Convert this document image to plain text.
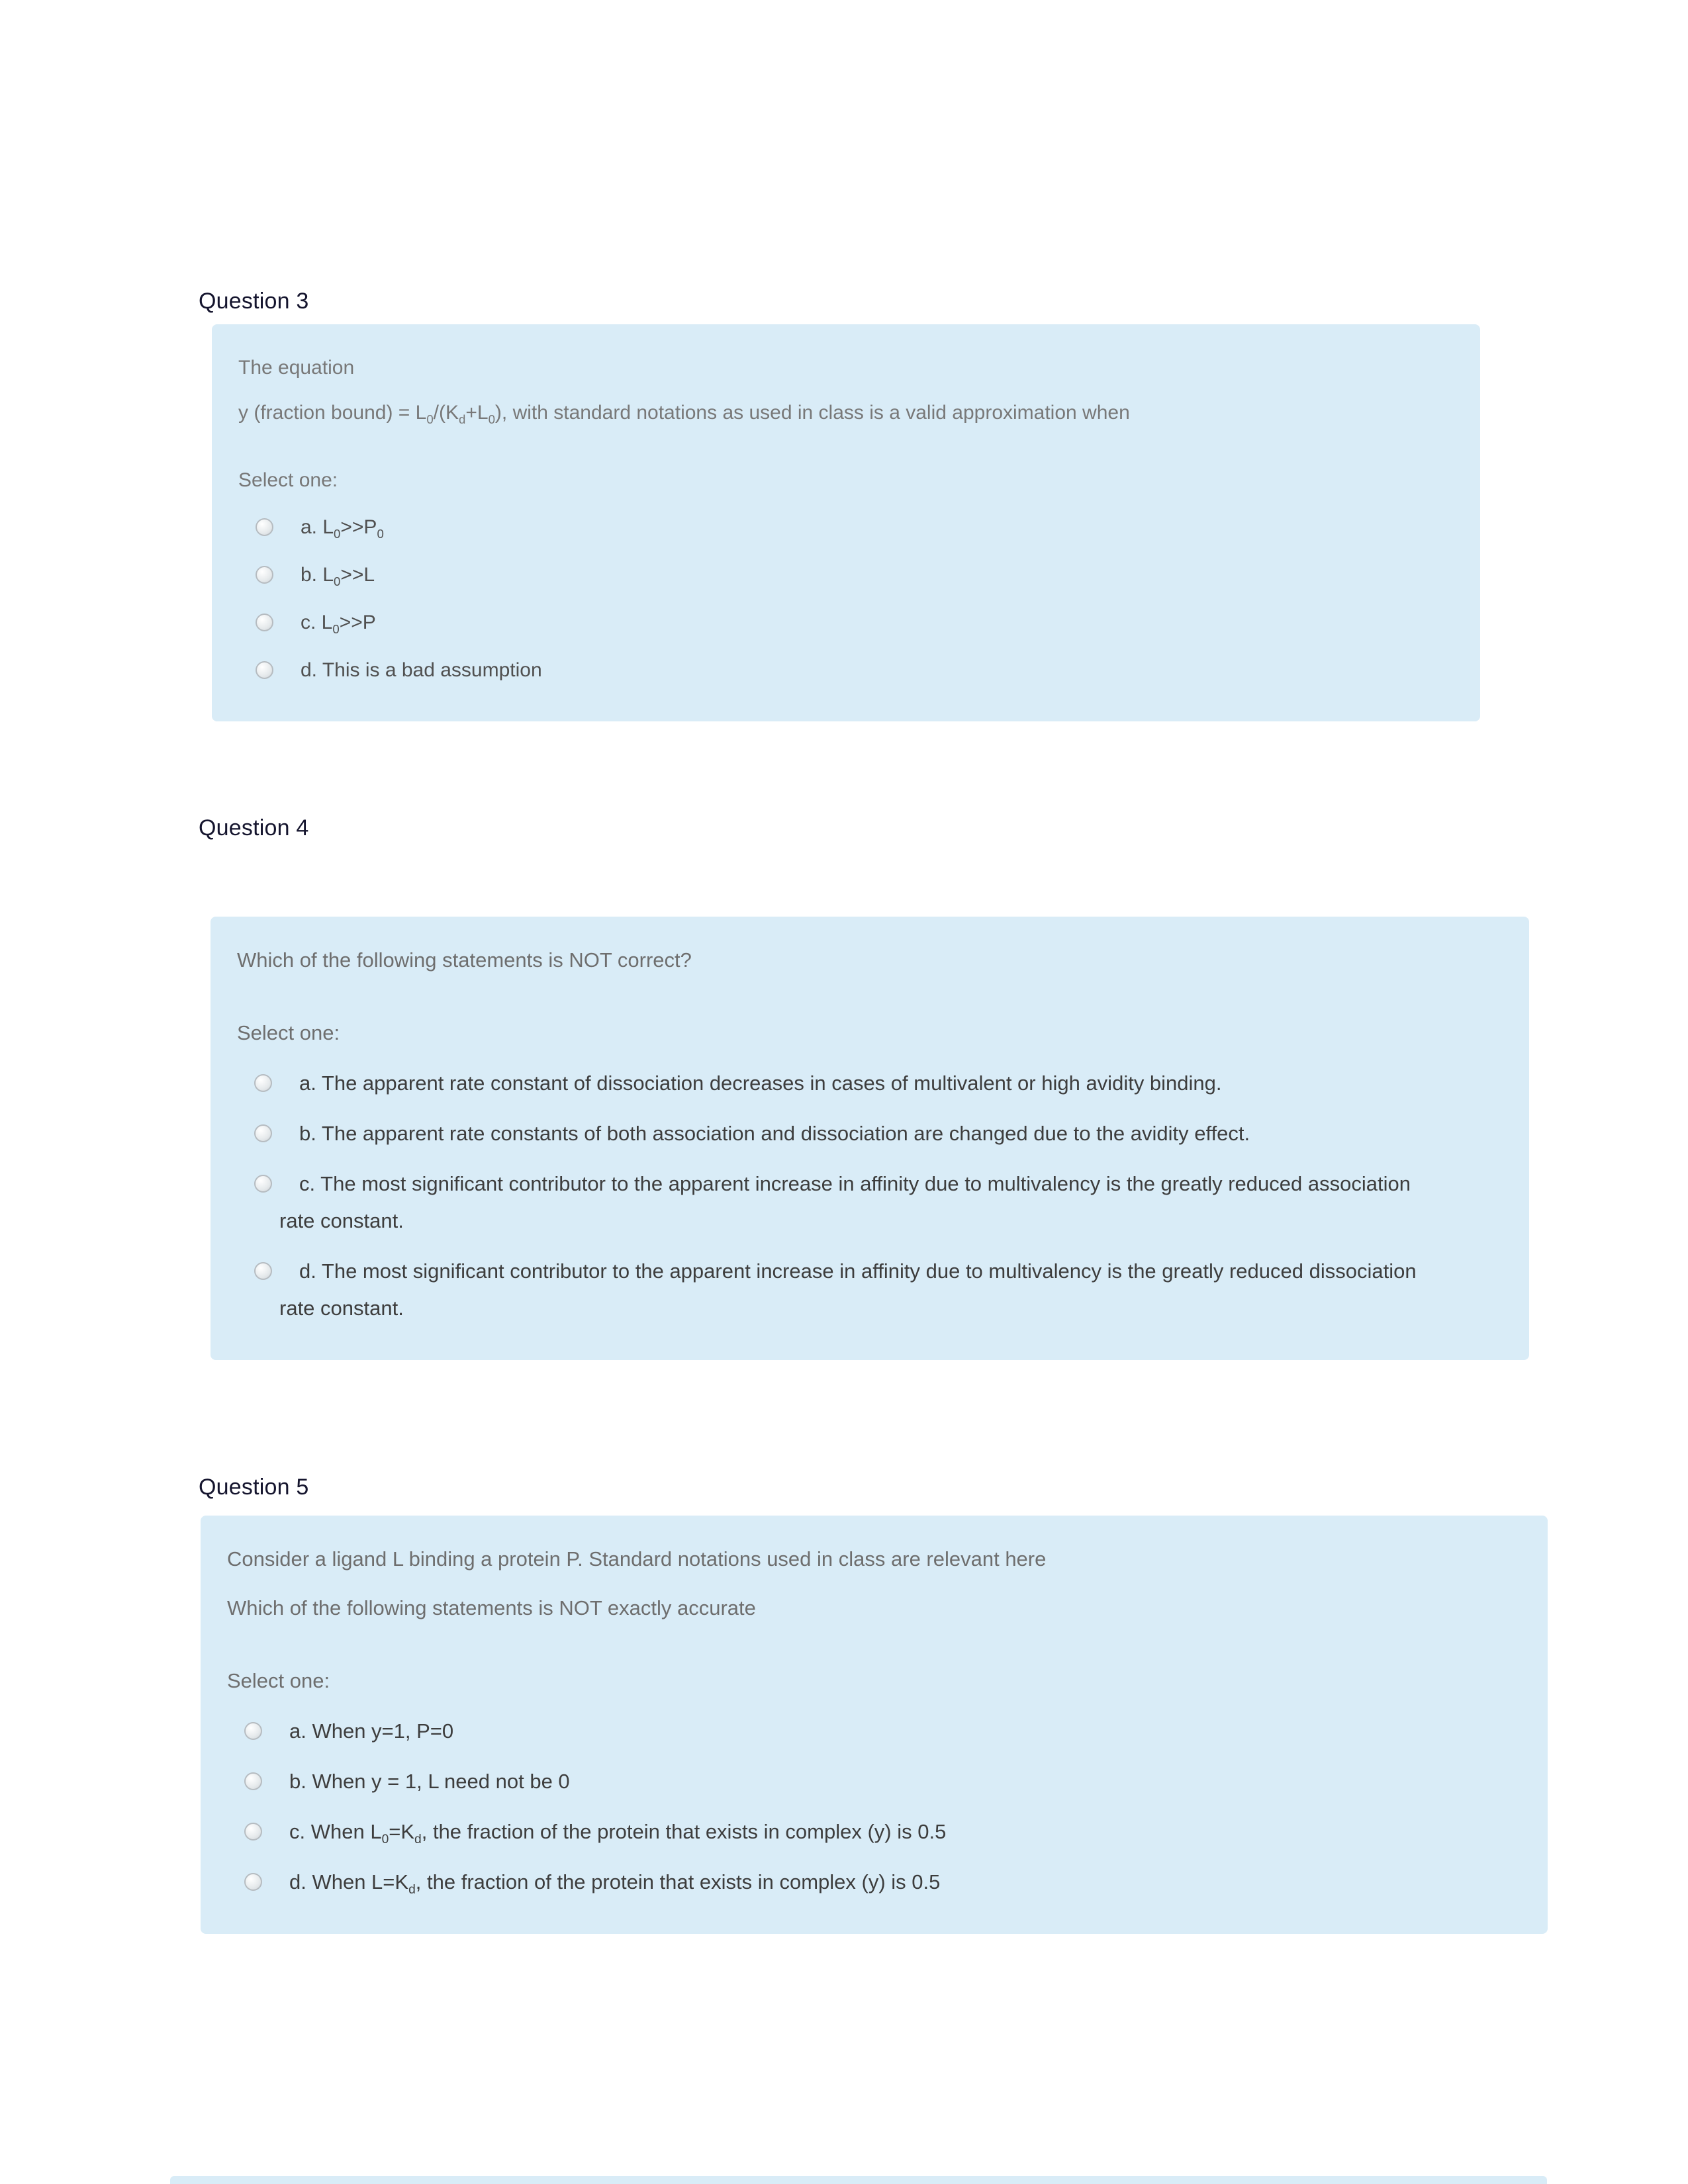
Question 3

The equation

y (fraction bound) = $L_0/(K_d+L_0)$, with standard notations as used in class is a valid approximation when

Select one:

a. $L_0>>P_0$
b. $L_0>>L$
c. $L_0>>P$
d. This is a bad assumption
Question 4

Which of the following statements is NOT correct?

Select one:

a. The apparent rate constant of dissociation decreases in cases of multivalent or high avidity binding.
b. The apparent rate constants of both association and dissociation are changed due to the avidity effect.
c. The most significant contributor to the apparent increase in affinity due to multivalency is the greatly reduced association rate constant.
d. The most significant contributor to the apparent increase in affinity due to multivalency is the greatly reduced dissociation rate constant.
Question 5

Consider a ligand L binding a protein P. Standard notations used in class are relevant here

Which of the following statements is NOT exactly accurate

Select one:

a. When y=1, P=0
b. When y = 1, L need not be 0
c. When $L_0=K_d$, the fraction of the protein that exists in complex (y) is 0.5
d. When $L=K_d$, the fraction of the protein that exists in complex (y) is 0.5
